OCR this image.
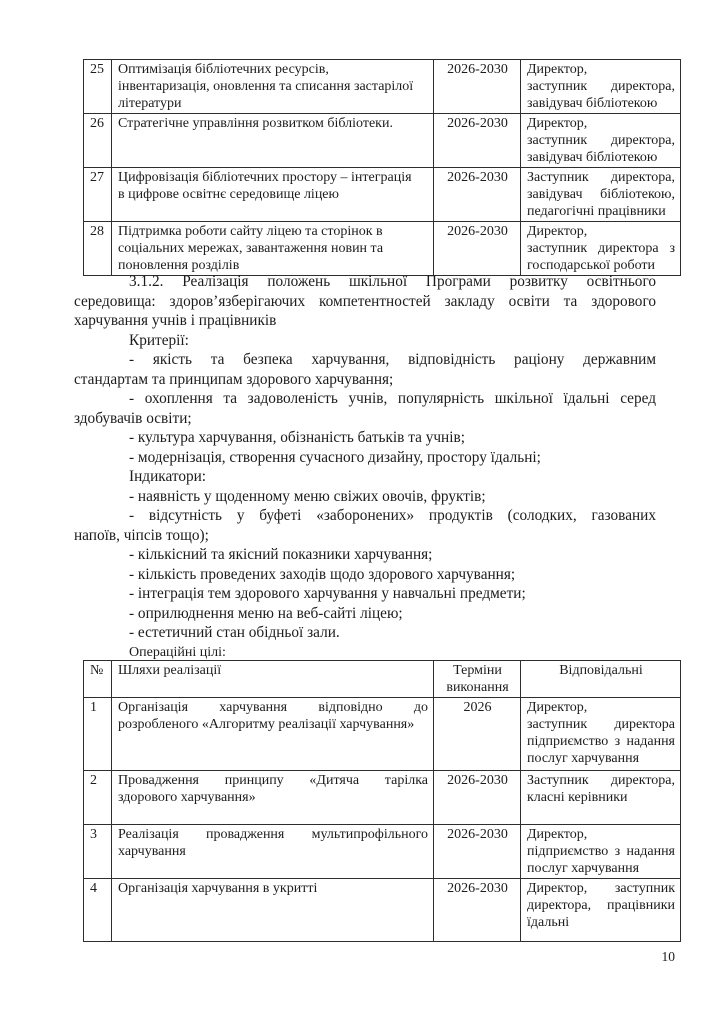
25	Оптимізація бібліотечних ресурсів,
інвентаризація, оновлення та списання застарілої
літератури
	2026-2030	Директор,
заступник директора,
завідувач бібліотекою

26	Стратегічне управління розвитком бібліотеки.	2026-2030	Директор,
заступник директора,
завідувач бібліотекою

27	Цифровізація бібліотечних простору – інтеграція
в цифрове освітнє середовище ліцею
	2026-2030	Заступник директора,
завідувач бібліотекою,
педагогічні працівники

28	Підтримка роботи сайту ліцею та сторінок в
соціальних мережах, завантаження новин та
поновлення розділів
	2026-2030	Директор,
заступник директора з
господарської роботи
3.1.2. Реалізація положень шкільної Програми розвитку освітнього
середовища: здоров’язберігаючих компетентностей закладу освіти та здорового
харчування учнів і працівників
Критерії:
- якість та безпека харчування, відповідність раціону державним
стандартам та принципам здорового харчування;
- охоплення та задоволеність учнів, популярність шкільної їдальні серед
здобувачів освіти;
- культура харчування, обізнаність батьків та учнів;
- модернізація, створення сучасного дизайну, простору їдальні;
Індикатори:
- наявність у щоденному меню свіжих овочів, фруктів;
- відсутність у буфеті «заборонених» продуктів (солодких, газованих
напоїв, чіпсів тощо);
- кількісний та якісний показники харчування;
- кількість проведених заходів щодо здорового харчування;
- інтеграція тем здорового харчування у навчальні предмети;
- оприлюднення меню на веб-сайті ліцею;
- естетичний стан обідньої зали.
Операційні цілі:
№	Шляхи реалізації	Терміни виконання	Відповідальні
1	Організація харчування відповідно до
розробленого «Алгоритму реалізації харчування»
	2026	Директор,
заступник директора
підприємство з надання
послуг харчування

2	Провадження принципу «Дитяча тарілка
здорового харчування»
	2026-2030	Заступник директора,
класні керівники

3	Реалізація провадження мультипрофільного
харчування
	2026-2030	Директор,
підприємство з надання
послуг харчування

4	Організація харчування в укритті	2026-2030	Директор, заступник
директора, працівники
їдальні
10
